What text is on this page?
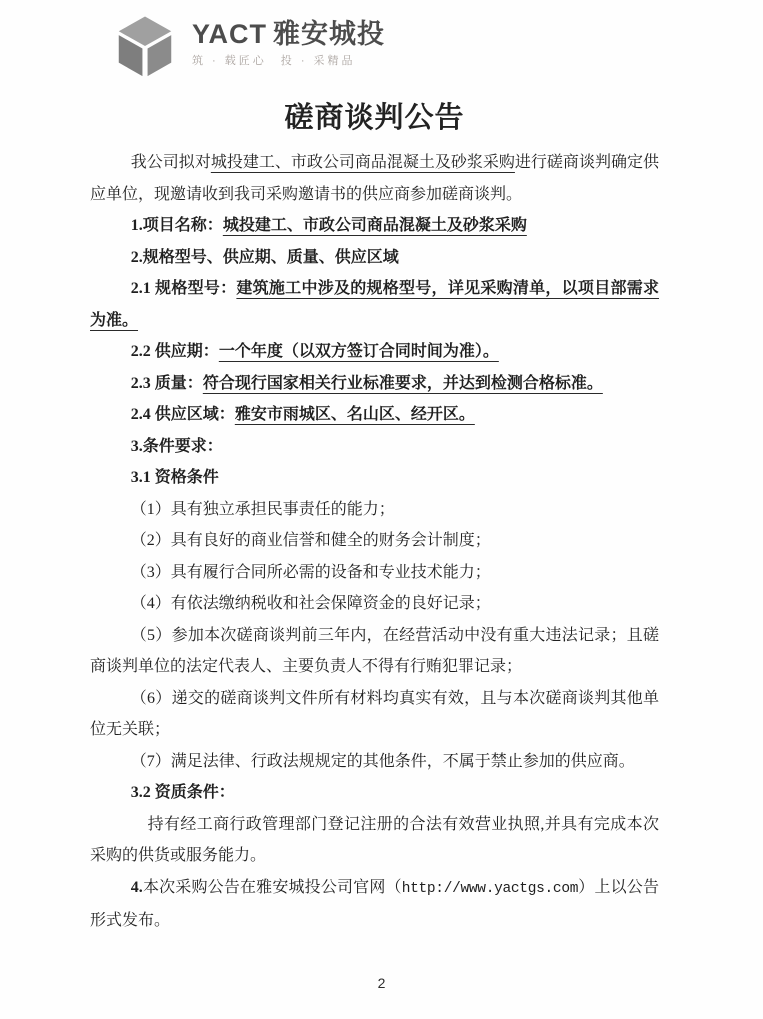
YACT 雅安城投
筑 · 载匠心　投 · 采精品
磋商谈判公告

我公司拟对城投建工、市政公司商品混凝土及砂浆采购进行磋商谈判确定供应单位，现邀请收到我司采购邀请书的供应商参加磋商谈判。

1.项目名称：城投建工、市政公司商品混凝土及砂浆采购

2.规格型号、供应期、质量、供应区域

2.1 规格型号：建筑施工中涉及的规格型号，详见采购清单，以项目部需求为准。

2.2 供应期：一个年度（以双方签订合同时间为准）。

2.3 质量：符合现行国家相关行业标准要求，并达到检测合格标准。

2.4 供应区域：雅安市雨城区、名山区、经开区。

3.条件要求：

3.1 资格条件

（1）具有独立承担民事责任的能力；

（2）具有良好的商业信誉和健全的财务会计制度；

（3）具有履行合同所必需的设备和专业技术能力；

（4）有依法缴纳税收和社会保障资金的良好记录；

（5）参加本次磋商谈判前三年内，在经营活动中没有重大违法记录；且磋商谈判单位的法定代表人、主要负责人不得有行贿犯罪记录；

（6）递交的磋商谈判文件所有材料均真实有效，且与本次磋商谈判其他单位无关联；

（7）满足法律、行政法规规定的其他条件，不属于禁止参加的供应商。

3.2 资质条件：

持有经工商行政管理部门登记注册的合法有效营业执照,并具有完成本次采购的供货或服务能力。

4.本次采购公告在雅安城投公司官网（http://www.yactgs.com）上以公告形式发布。

2
